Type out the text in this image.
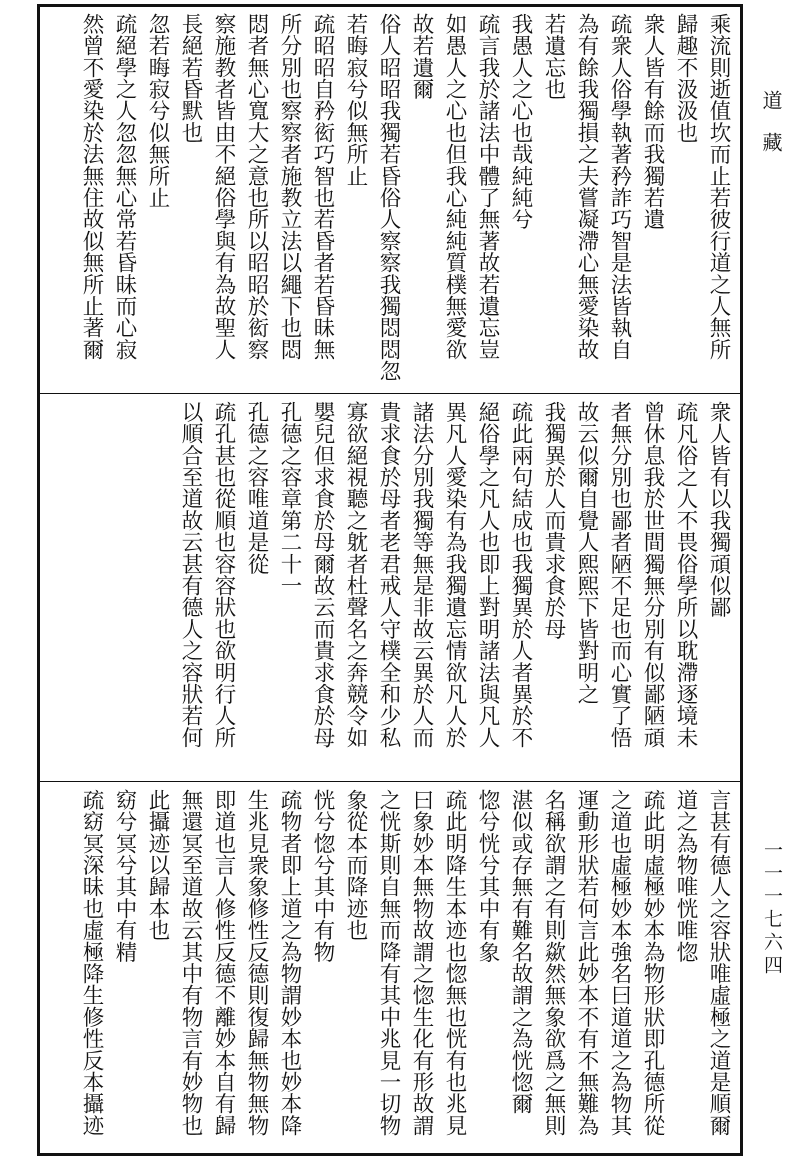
乘流則逝值坎而止若彼行道之人無所
歸趣不汲汲也
衆人皆有餘而我獨若遺
疏衆人俗學執著矜詐巧智是法皆執自
為有餘我獨損之夫嘗凝滯心無愛染故
若遺忘也
我愚人之心也哉純純兮
疏言我於諸法中體了無著故若遺忘豈
如愚人之心也但我心純純質樸無愛欲
故若遺爾
俗人昭昭我獨若昏俗人察察我獨悶悶忽
若晦寂兮似無所止
疏昭昭自矜衒巧智也若昏者若昏昧無
所分別也察察者施教立法以繩下也悶
悶者無心寬大之意也所以昭昭於衒察
察施教者皆由不絕俗學與有為故聖人
長絕若昏默也
忽若晦寂兮似無所止
疏絕學之人忽忽無心常若昏昧而心寂
然曾不愛染於法無住故似無所止著爾
衆人皆有以我獨頑似鄙
疏凡俗之人不畏俗學所以耽滯逐境未
曾休息我於世間獨無分別有似鄙陋頑
者無分別也鄙者陋不足也而心實了悟
故云似爾自覺人熙熙下皆對明之
我獨異於人而貴求食於母
疏此兩句結成也我獨異於人者異於不
絕俗學之凡人也即上對明諸法與凡人
異凡人愛染有為我獨遺忘情欲凡人於
諸法分別我獨等無是非故云異於人而
貴求食於母者老君戒人守樸全和少私
寡欲絕視聽之躭者杜聲名之奔競令如
嬰兒但求食於母爾故云而貴求食於母
孔德之容章第二十一
孔德之容唯道是從
疏孔甚也從順也容容狀也欲明行人所
以順合至道故云甚有德人之容狀若何
言甚有德人之容狀唯虛極之道是順爾
道之為物唯恍唯惚
疏此明虛極妙本為物形狀即孔德所從
之道也虛極妙本強名曰道道之為物其
運動形狀若何言此妙本不有不無難為
名稱欲謂之有則歘然無象欲爲之無則
湛似或存無有難名故謂之為恍惚爾
惚兮恍兮其中有象
疏此明降生本迹也惚無也恍有也兆見
曰象妙本無物故謂之惚生化有形故謂
之恍斯則自無而降有其中兆見一切物
象從本而降迹也
恍兮惚兮其中有物
疏物者即上道之為物謂妙本也妙本降
生兆見衆象修性反德則復歸無物無物
即道也言人修性反德不離妙本自有歸
無還冥至道故云其中有物言有妙物也
此攝迹以歸本也
窈兮冥兮其中有精
疏窈冥深昧也虛極降生修性反本攝迹
道藏
一一一七六四
